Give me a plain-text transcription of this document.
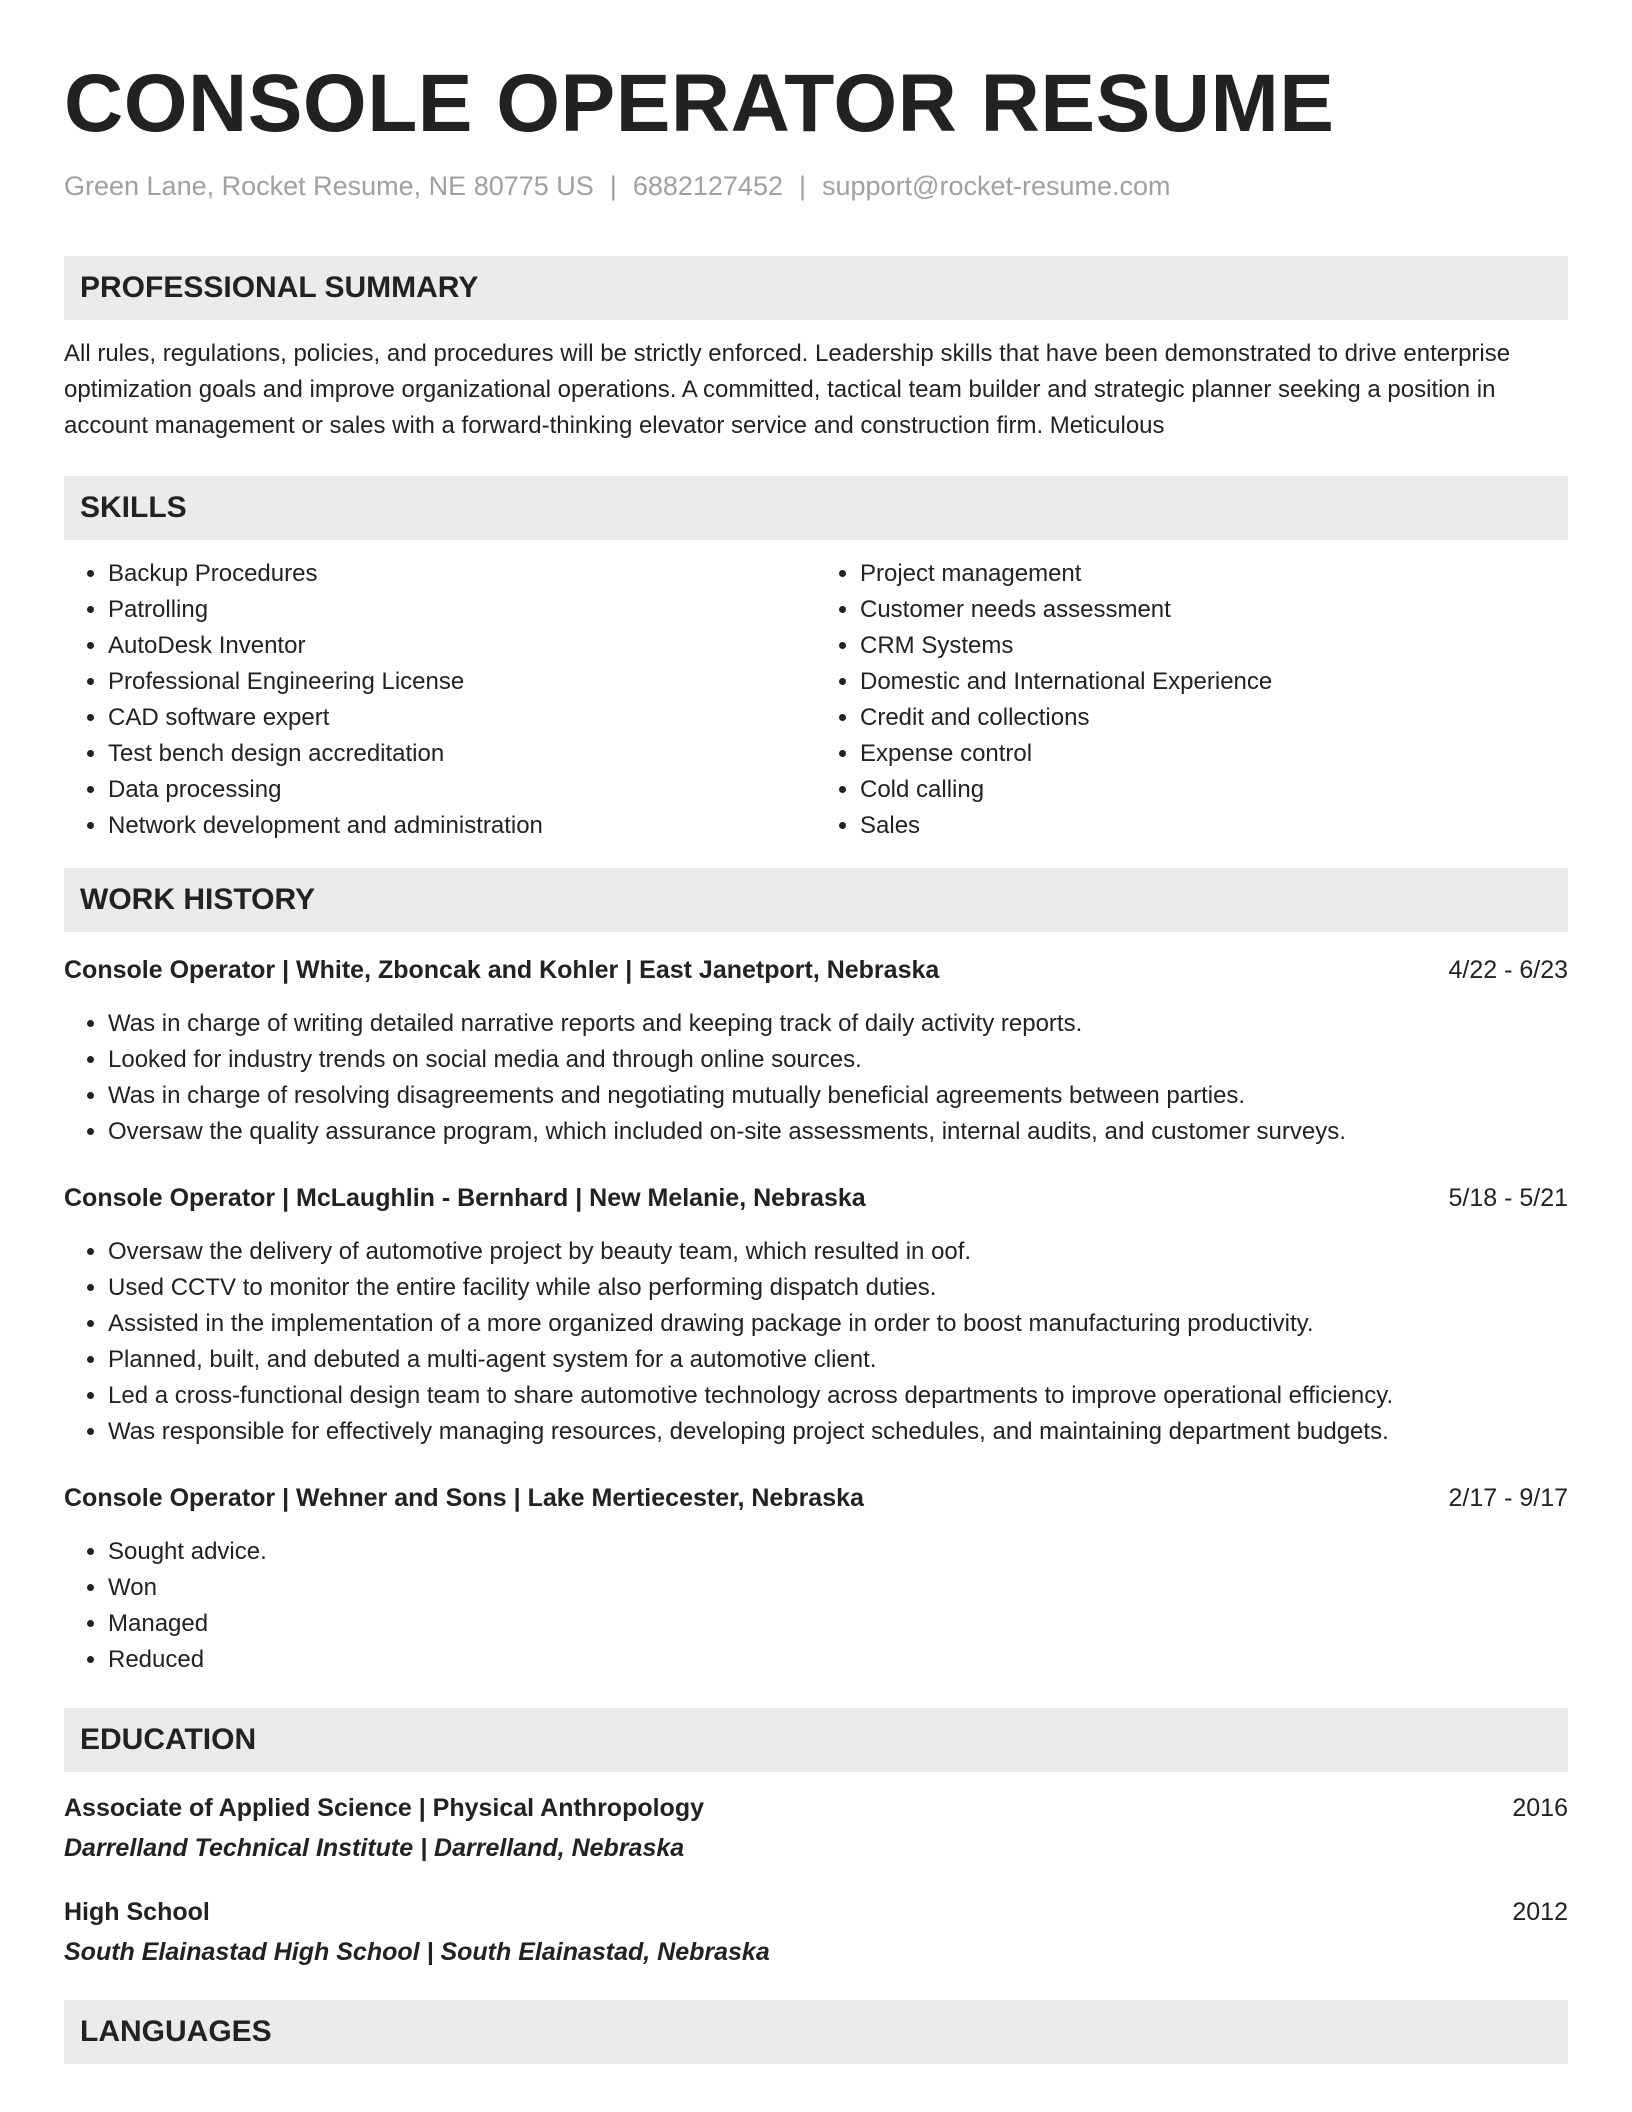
CONSOLE OPERATOR RESUME
Green Lane, Rocket Resume, NE 80775 US | 6882127452 | support@rocket-resume.com
PROFESSIONAL SUMMARY
All rules, regulations, policies, and procedures will be strictly enforced. Leadership skills that have been demonstrated to drive enterprise optimization goals and improve organizational operations. A committed, tactical team builder and strategic planner seeking a position in account management or sales with a forward-thinking elevator service and construction firm. Meticulous
SKILLS
• Backup Procedures
• Patrolling
• AutoDesk Inventor
• Professional Engineering License
• CAD software expert
• Test bench design accreditation
• Data processing
• Network development and administration
• Project management
• Customer needs assessment
• CRM Systems
• Domestic and International Experience
• Credit and collections
• Expense control
• Cold calling
• Sales
WORK HISTORY
Console Operator | White, Zboncak and Kohler | East Janetport, Nebraska	4/22 - 6/23
• Was in charge of writing detailed narrative reports and keeping track of daily activity reports.
• Looked for industry trends on social media and through online sources.
• Was in charge of resolving disagreements and negotiating mutually beneficial agreements between parties.
• Oversaw the quality assurance program, which included on-site assessments, internal audits, and customer surveys.
Console Operator | McLaughlin - Bernhard | New Melanie, Nebraska	5/18 - 5/21
• Oversaw the delivery of automotive project by beauty team, which resulted in oof.
• Used CCTV to monitor the entire facility while also performing dispatch duties.
• Assisted in the implementation of a more organized drawing package in order to boost manufacturing productivity.
• Planned, built, and debuted a multi-agent system for a automotive client.
• Led a cross-functional design team to share automotive technology across departments to improve operational efficiency.
• Was responsible for effectively managing resources, developing project schedules, and maintaining department budgets.
Console Operator | Wehner and Sons | Lake Mertiecester, Nebraska	2/17 - 9/17
• Sought advice.
• Won
• Managed
• Reduced
EDUCATION
Associate of Applied Science | Physical Anthropology	2016
Darrelland Technical Institute | Darrelland, Nebraska
High School	2012
South Elainastad High School | South Elainastad, Nebraska
LANGUAGES
